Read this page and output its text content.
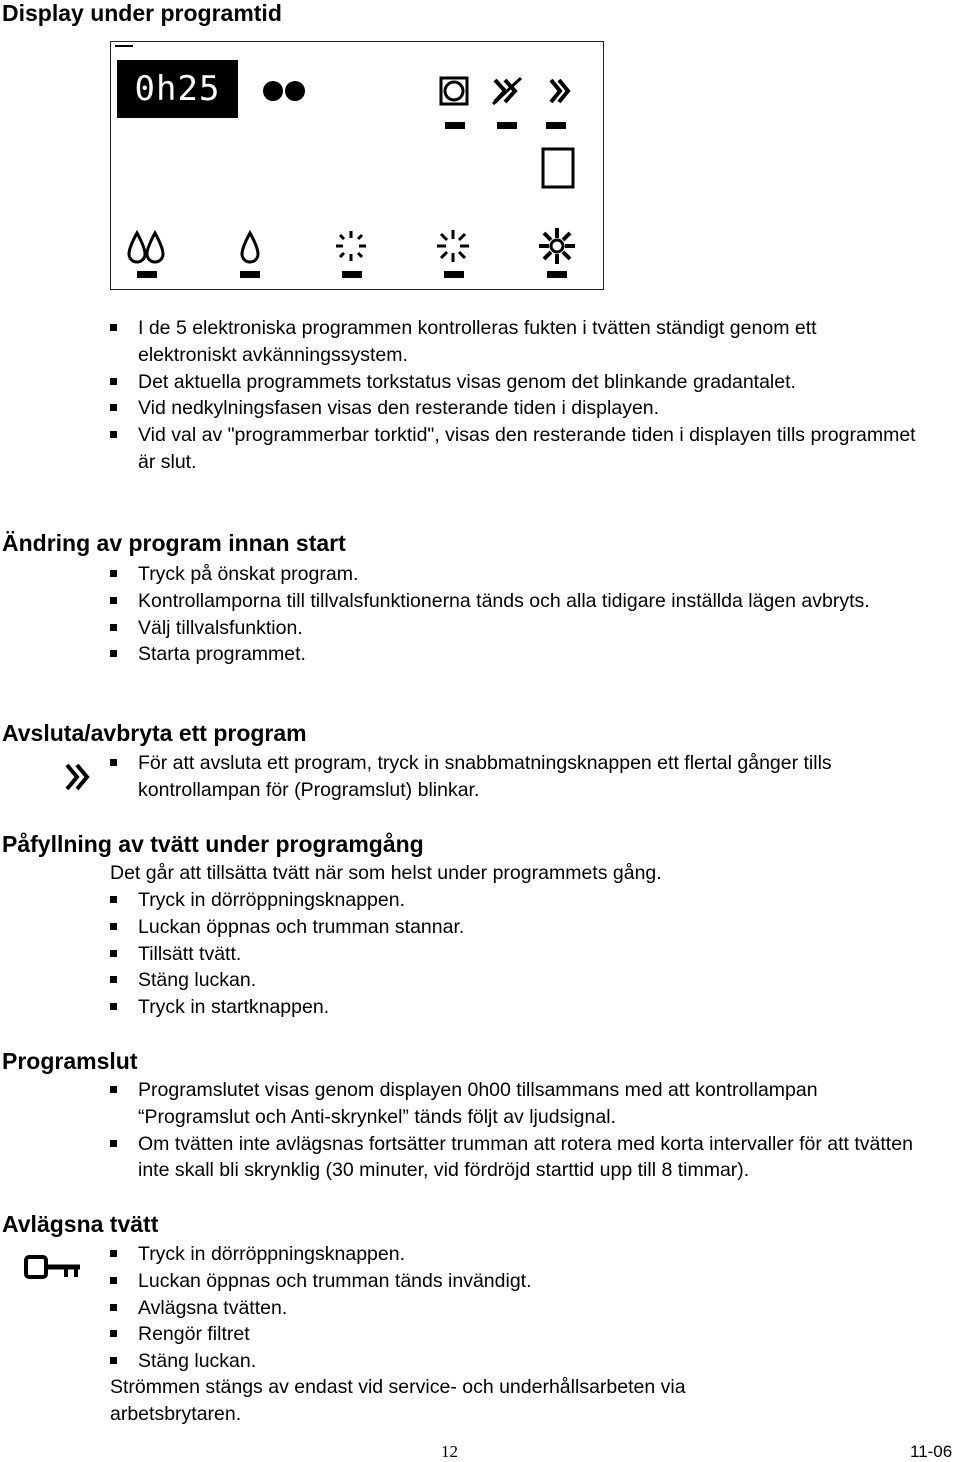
Display under programtid
0h25
I de 5 elektroniska programmen kontrolleras fukten i tvätten ständigt genom ett elektroniskt avkänningssystem.
Det aktuella programmets torkstatus visas genom det blinkande gradantalet.
Vid nedkylningsfasen visas den resterande tiden i displayen.
Vid val av "programmerbar torktid", visas den resterande tiden i displayen tills programmet är slut.
Ändring av program innan start
Tryck på önskat program.
Kontrollamporna till tillvalsfunktionerna tänds och alla tidigare inställda lägen avbryts.
Välj tillvalsfunktion.
Starta programmet.
Avsluta/avbryta ett program
För att avsluta ett program, tryck in snabbmatningsknappen ett flertal gånger tills kontrollampan för (Programslut) blinkar.
Påfyllning av tvätt under programgång
Det går att tillsätta tvätt när som helst under programmets gång.
Tryck in dörröppningsknappen.
Luckan öppnas och trumman stannar.
Tillsätt tvätt.
Stäng luckan.
Tryck in startknappen.
Programslut
Programslutet visas genom displayen 0h00 tillsammans med att kontrollampan “Programslut och Anti-skrynkel” tänds följt av ljudsignal.
Om tvätten inte avlägsnas fortsätter trumman att rotera med korta intervaller för att tvätten inte skall bli skrynklig (30 minuter, vid fördröjd starttid upp till 8 timmar).
Avlägsna tvätt
Tryck in dörröppningsknappen.
Luckan öppnas och trumman tänds invändigt.
Avlägsna tvätten.
Rengör filtret
Stäng luckan.
Strömmen stängs av endast vid service- och underhållsarbeten via arbetsbrytaren.
12	11-06
